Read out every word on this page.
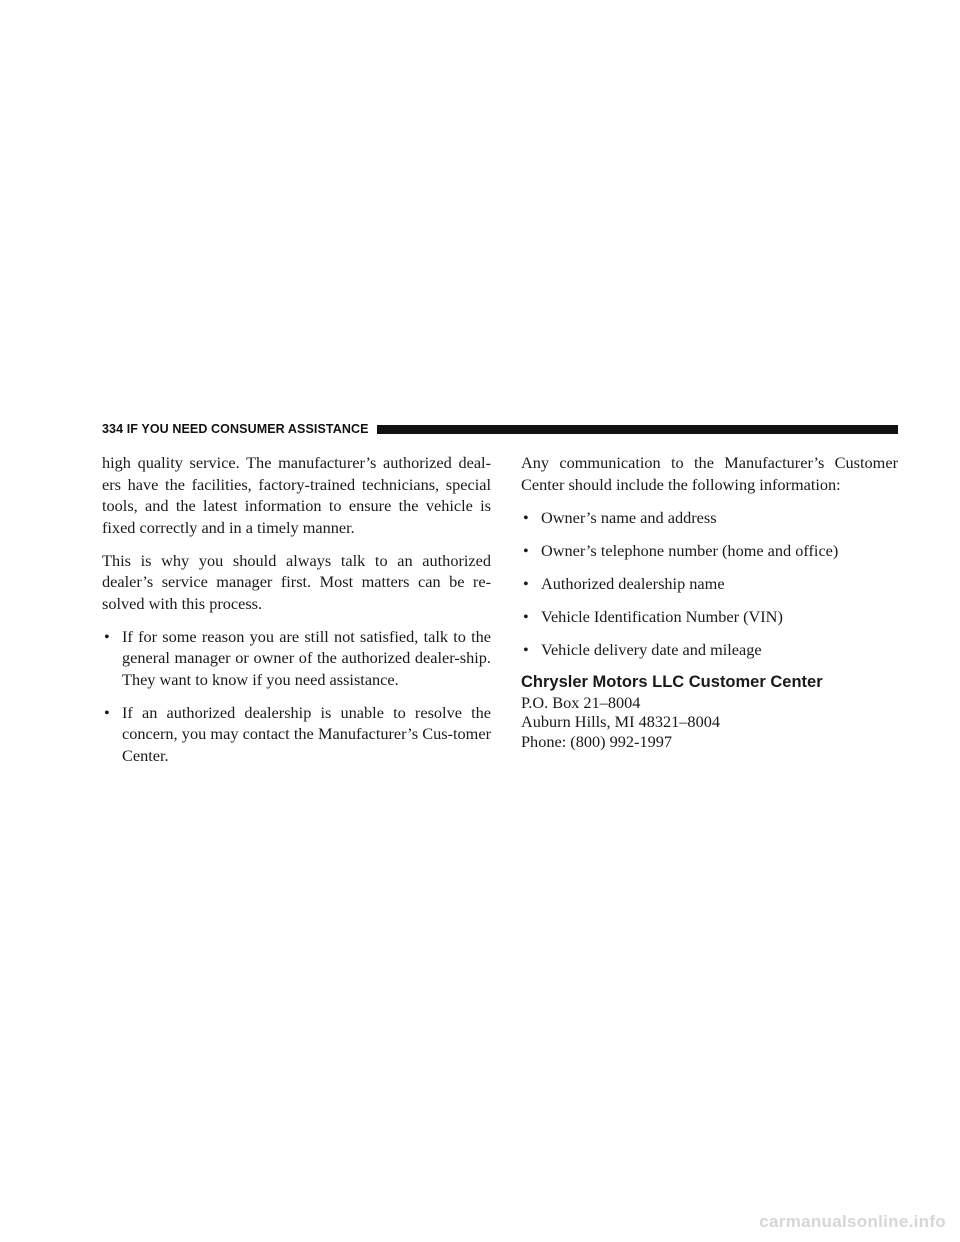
334 IF YOU NEED CONSUMER ASSISTANCE

high quality service. The manufacturer’s authorized deal-ers have the facilities, factory-trained technicians, special tools, and the latest information to ensure the vehicle is fixed correctly and in a timely manner.

This is why you should always talk to an authorized dealer’s service manager first. Most matters can be re-solved with this process.

• If for some reason you are still not satisfied, talk to the general manager or owner of the authorized dealer-ship. They want to know if you need assistance.
• If an authorized dealership is unable to resolve the concern, you may contact the Manufacturer’s Cus-tomer Center.

Any communication to the Manufacturer’s Customer Center should include the following information:

• Owner’s name and address
• Owner’s telephone number (home and office)
• Authorized dealership name
• Vehicle Identification Number (VIN)
• Vehicle delivery date and mileage
Chrysler Motors LLC Customer Center
P.O. Box 21–8004
Auburn Hills, MI 48321–8004
Phone: (800) 992-1997
carmanualsonline.info
